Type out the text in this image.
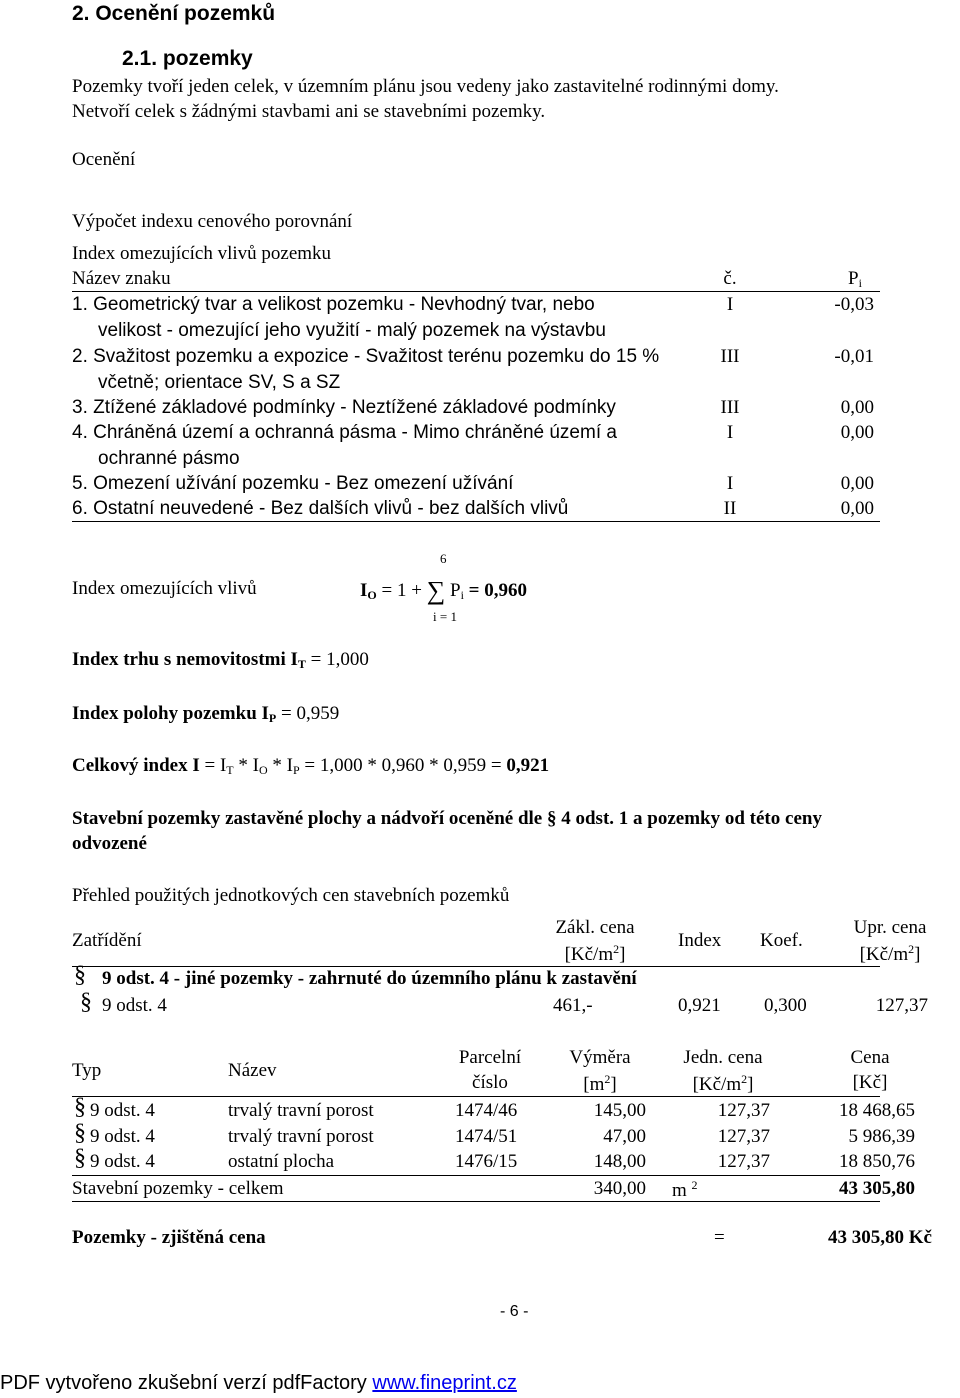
2. Ocenění pozemků
2.1. pozemky
Pozemky tvoří jeden celek, v územním plánu jsou vedeny jako zastavitelné rodinnými domy.
Netvoří celek s žádnými stavbami ani se stavebními pozemky.
Ocenění
Výpočet indexu cenového porovnání
Index omezujících vlivů pozemku
Název znaku	č.	$P_i$
1. Geometrický tvar a velikost pozemku - Nevhodný tvar, nebo
velikost - omezující jeho využití - malý pozemek na výstavbu
I	-0,03
2. Svažitost pozemku a expozice - Svažitost terénu pozemku do 15 %
včetně; orientace SV, S a SZ
III	-0,01
3. Ztížené základové podmínky - Neztížené základové podmínky	III	0,00
4. Chráněná území a ochranná pásma - Mimo chráněné území a
ochranné pásmo
I	0,00
5. Omezení užívání pozemku - Bez omezení užívání	I	0,00
6. Ostatní neuvedené - Bez dalších vlivů - bez dalších vlivů	II	0,00
6
Index omezujících vlivů	$I_O = 1$ + ∑ $P_i = 0,960$
i = 1
Index trhu s nemovitostmi $I_T = 1,000$
Index polohy pozemku $I_P = 0,959$
Celkový index $I = I_T * I_O * I_P = 1,000 * 0,960 * 0,959 = 0,921$
Stavební pozemky zastavěné plochy a nádvoří oceněné dle § 4 odst. 1 a pozemky od této ceny
odvozené
Přehled použitých jednotkových cen stavebních pozemků
Zatřídění
Zákl. cena
$[Kč/m^2]$
Index Koef.
Upr. cena
$[Kč/m^2]$
§ 9 odst. 4 - jiné pozemky - zahrnuté do územního plánu k zastavění
§ 9 odst. 4	461,-	0,921 0,300	127,37
Typ	Název
Parcelní
číslo
Výměra
$[m^2]$
Jedn. cena
$[Kč/m^2]$
Cena
[Kč]
§ 9 odst. 4	trvalý travní porost	1474/46	145,00	127,37	18 468,65
§ 9 odst. 4	trvalý travní porost	1474/51	47,00	127,37	5 986,39
§ 9 odst. 4	ostatní plocha	1476/15	148,00	127,37	18 850,76
Stavební pozemky - celkem	340,00 m $^2$	43 305,80
Pozemky - zjištěná cena	=	43 305,80 Kč
- 6 -
PDF vytvořeno zkušební verzí pdfFactory www.fineprint.cz
